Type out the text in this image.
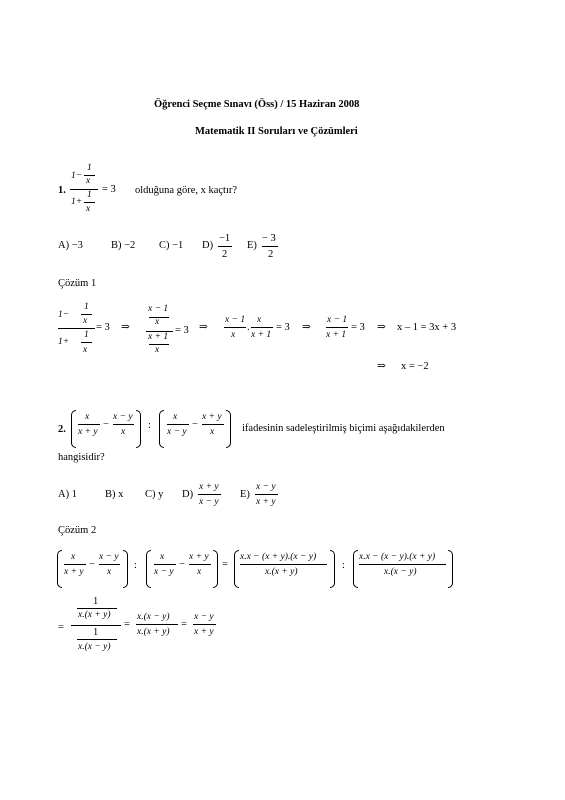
Öğrenci Seçme Sınavı (Öss) / 15 Haziran 2008
Matematik II Soruları ve Çözümleri
1.
1
1− x
1
1+
x
= 3 olduğuna göre, x kaçtır?
A) −3	B) −2 C) −1 D)
−1
2
E)
− 3
2
Çözüm 1
1
1−
x
1
1+
x
= 3 ⇒
x − 1
x
x + 1
x
= 3 ⇒
x − 1
x
.
x
x + 1
= 3 ⇒
x − 1
x + 1
= 3 ⇒ x – 1 = 3x + 3
⇒ x = −2
2.
x
x + y
−
x − y
x
:
x
x − y
−
x + y
x	ifadesinin sadeleştirilmiş biçimi aşağıdakilerden
hangisidir?
A) 1	B) x C) y D)
x + y
x − y
E)
x − y
x + y
Çözüm 2
x
x + y
−
x − y
x
:
x
x − y
−
x + y
x
=
x.x − (x + y).(x − y)
x.(x + y)
:
x.x − (x − y).(x + y)
x.(x − y)
=
1
x.(x + y)
1
x.(x − y)
=
x.(x − y)
x.(x + y)
=
x − y
x + y
